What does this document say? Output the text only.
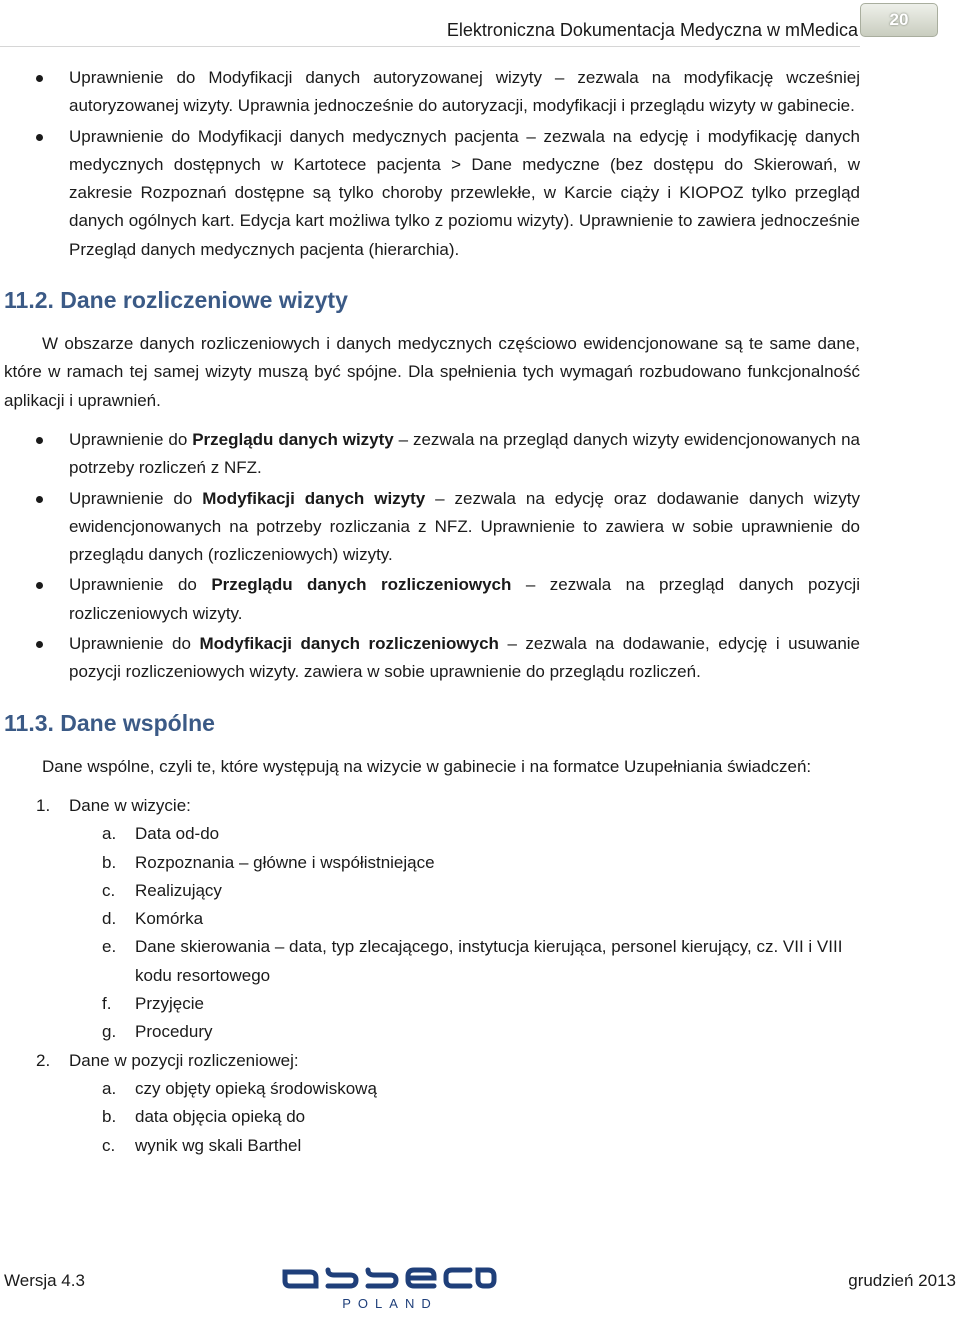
Elektroniczna Dokumentacja Medyczna w mMedica
20
Uprawnienie do Modyfikacji danych autoryzowanej wizyty – zezwala na modyfikację wcześniej autoryzowanej wizyty. Uprawnia jednocześnie do autoryzacji, modyfikacji i przeglądu wizyty w gabinecie.
Uprawnienie do Modyfikacji danych medycznych pacjenta – zezwala na edycję i modyfikację danych medycznych dostępnych w Kartotece pacjenta > Dane medyczne (bez dostępu do Skierowań, w zakresie Rozpoznań dostępne są tylko choroby przewlekłe, w Karcie ciąży i KIOPOZ tylko przegląd danych ogólnych kart. Edycja kart możliwa tylko z poziomu wizyty). Uprawnienie to zawiera jednocześnie Przegląd danych medycznych pacjenta (hierarchia).
11.2. Dane rozliczeniowe wizyty

W obszarze danych rozliczeniowych i danych medycznych częściowo ewidencjonowane są te same dane, które w ramach tej samej wizyty muszą być spójne. Dla spełnienia tych wymagań rozbudowano funkcjonalność aplikacji i uprawnień.

Uprawnienie do Przeglądu danych wizyty – zezwala na przegląd danych wizyty ewidencjonowanych na potrzeby rozliczeń z NFZ.
Uprawnienie do Modyfikacji danych wizyty – zezwala na edycję oraz dodawanie danych wizyty ewidencjonowanych na potrzeby rozliczania z NFZ. Uprawnienie to zawiera w sobie uprawnienie do przeglądu danych (rozliczeniowych) wizyty.
Uprawnienie do Przeglądu danych rozliczeniowych – zezwala na przegląd danych pozycji rozliczeniowych wizyty.
Uprawnienie do Modyfikacji danych rozliczeniowych – zezwala na dodawanie, edycję i usuwanie pozycji rozliczeniowych wizyty. zawiera w sobie uprawnienie do przeglądu rozliczeń.
11.3. Dane wspólne

Dane wspólne, czyli te, które występują na wizycie w gabinecie i na formatce Uzupełniania świadczeń:

1. Dane w wizycie:
a. Data od-do
b. Rozpoznania – główne i współistniejące
c. Realizujący
d. Komórka
e. Dane skierowania – data, typ zlecającego, instytucja kierująca, personel kierujący, cz. VII i VIII kodu resortowego
f. Przyjęcie
g. Procedury
2. Dane w pozycji rozliczeniowej:
a. czy objęty opieką środowiskową
b. data objęcia opieką do
c. wynik wg skali Barthel
Wersja 4.3	grudzień 2013
POLAND
